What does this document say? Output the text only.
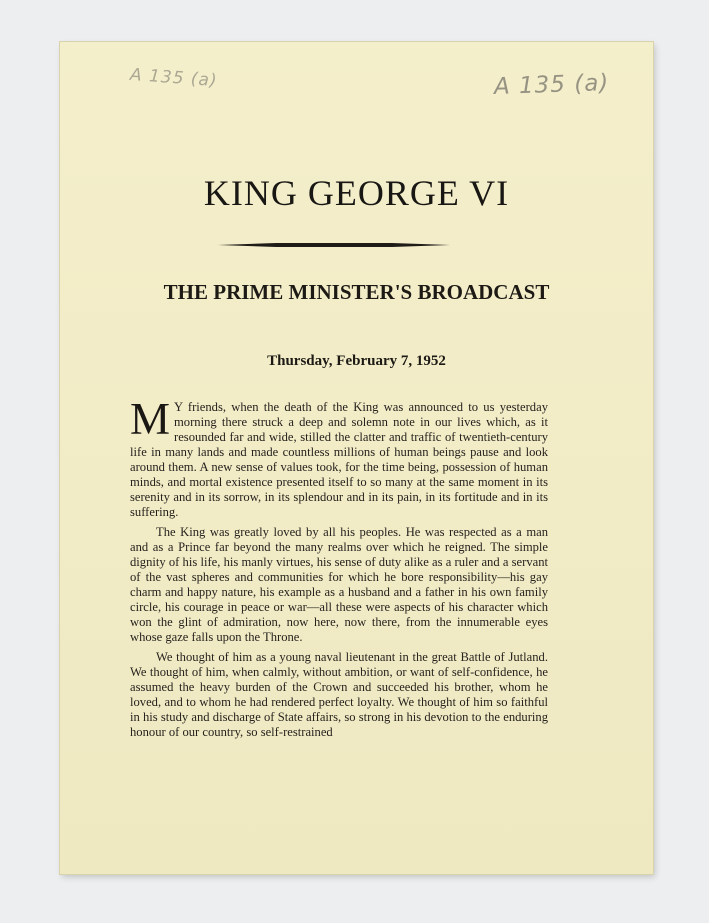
A 135 (a)	A 135 (a)
KING GEORGE VI
THE PRIME MINISTER'S BROADCAST
Thursday, February 7, 1952

M Y friends, when the death of the King was announced to us yesterday morning there struck a deep and solemn note in our lives which, as it resounded far and wide, stilled the clatter and traffic of twentieth-century life in many lands and made countless millions of human beings pause and look around them. A new sense of values took, for the time being, possession of human minds, and mortal existence presented itself to so many at the same moment in its serenity and in its sorrow, in its splendour and in its pain, in its fortitude and in its suffering.

The King was greatly loved by all his peoples. He was respected as a man and as a Prince far beyond the many realms over which he reigned. The simple dignity of his life, his manly virtues, his sense of duty alike as a ruler and a servant of the vast spheres and communities for which he bore responsibility—his gay charm and happy nature, his example as a husband and a father in his own family circle, his courage in peace or war—all these were aspects of his character which won the glint of admiration, now here, now there, from the innumerable eyes whose gaze falls upon the Throne.

We thought of him as a young naval lieutenant in the great Battle of Jutland. We thought of him, when calmly, without ambition, or want of self-confidence, he assumed the heavy burden of the Crown and succeeded his brother, whom he loved, and to whom he had rendered perfect loyalty. We thought of him so faithful in his study and discharge of State affairs, so strong in his devotion to the enduring honour of our country, so self-restrained
